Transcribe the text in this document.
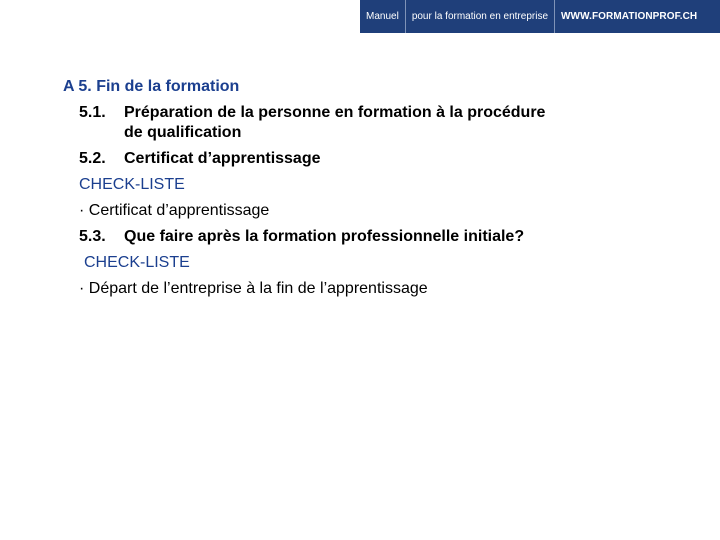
Manuel	pour la formation en entreprise	WWW.FORMATIONPROF.CH
A 5. Fin de la formation
5.1. Préparation de la personne en formation à la procédure
de qualification
5.2. Certificat d’apprentissage
CHECK-LISTE
· Certificat d’apprentissage
5.3. Que faire après la formation professionnelle initiale?
CHECK-LISTE
· Départ de l’entreprise à la fin de l’apprentissage
